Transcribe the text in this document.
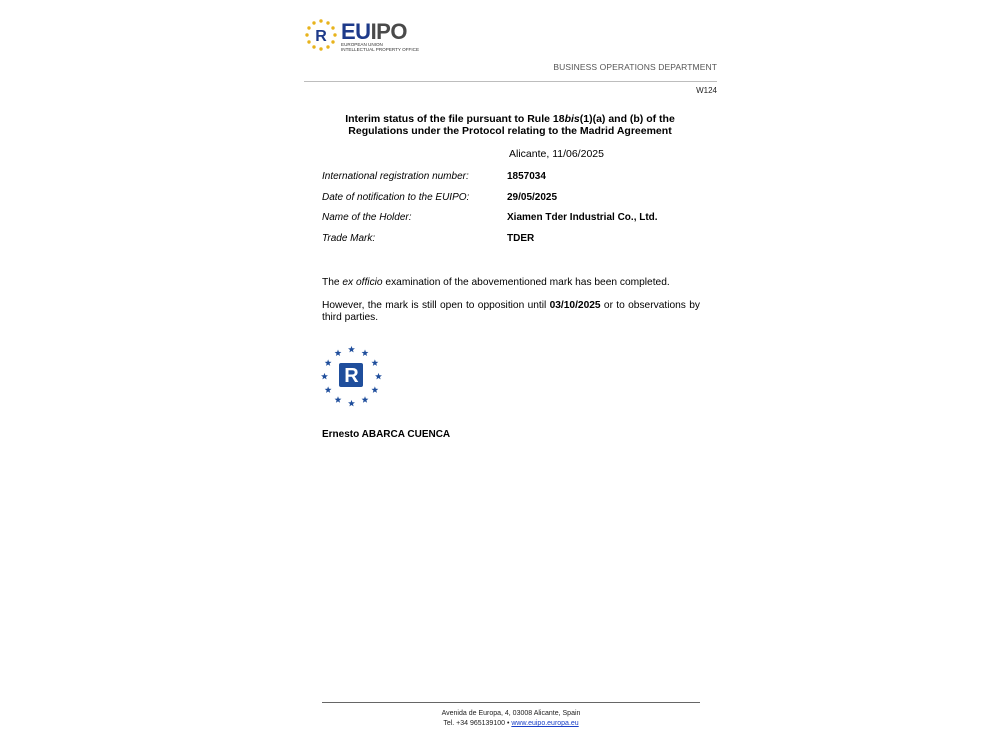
R EUIPO
EUROPEAN UNION
INTELLECTUAL PROPERTY OFFICE
BUSINESS OPERATIONS DEPARTMENT
W124
Interim status of the file pursuant to Rule 18bis(1)(a) and (b) of the Regulations under the Protocol relating to the Madrid Agreement
Alicante, 11/06/2025
International registration number:	1857034
Date of notification to the EUIPO:	29/05/2025
Name of the Holder:	Xiamen Tder Industrial Co., Ltd.
Trade Mark:	TDER
The ex officio examination of the abovementioned mark has been completed.
However, the mark is still open to opposition until 03/10/2025 or to observations by third parties.
R
Ernesto ABARCA CUENCA
Avenida de Europa, 4, 03008 Alicante, Spain
Tel. +34 965139100 • www.euipo.europa.eu
